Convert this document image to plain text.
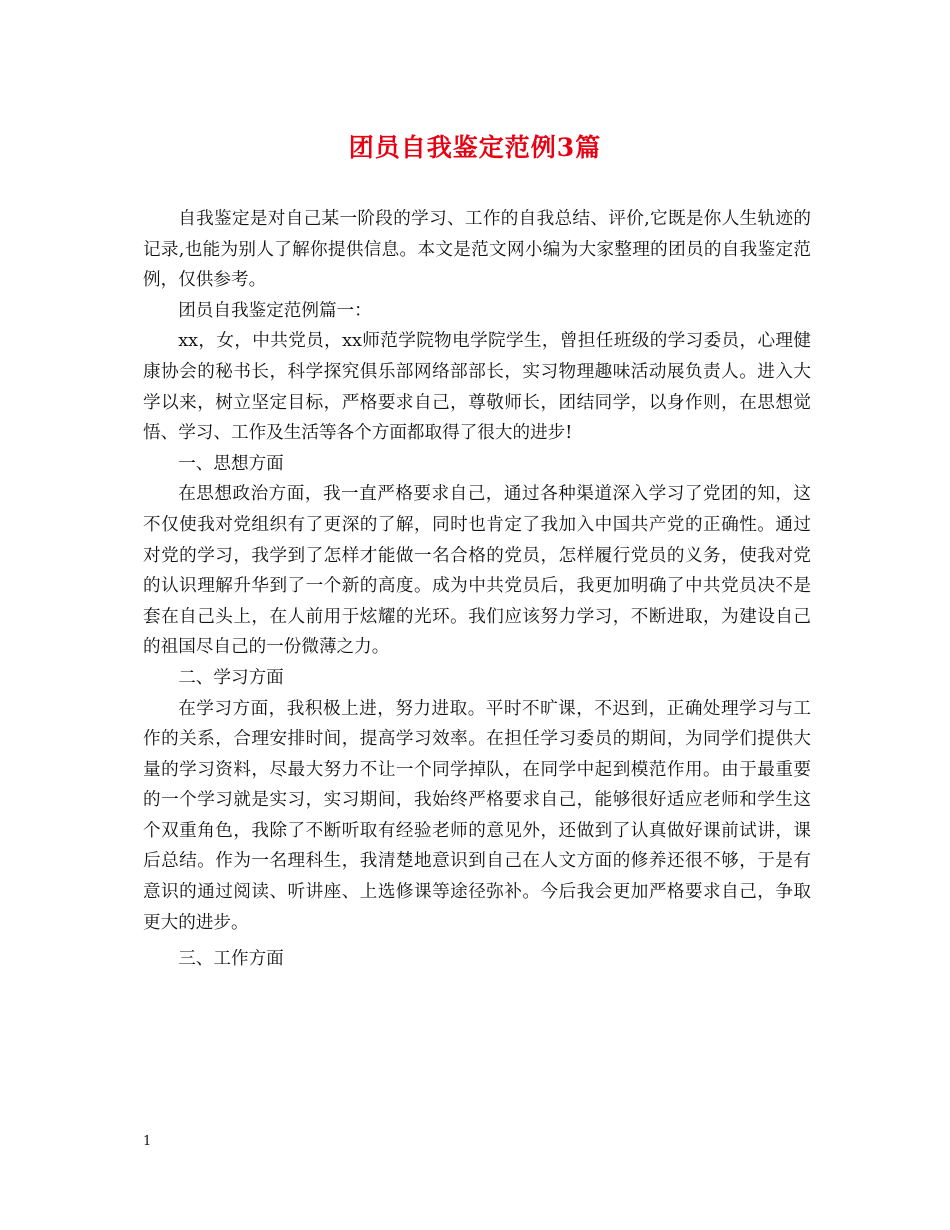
团员自我鉴定范例3篇

自我鉴定是对自己某一阶段的学习、工作的自我总结、评价,它既是你人生轨迹的记录,也能为别人了解你提供信息。本文是范文网小编为大家整理的团员的自我鉴定范例，仅供参考。

团员自我鉴定范例篇一：

xx，女，中共党员，xx师范学院物电学院学生，曾担任班级的学习委员，心理健康协会的秘书长，科学探究俱乐部网络部部长，实习物理趣味活动展负责人。进入大学以来，树立坚定目标，严格要求自己，尊敬师长，团结同学，以身作则，在思想觉悟、学习、工作及生活等各个方面都取得了很大的进步!

一、思想方面

在思想政治方面，我一直严格要求自己，通过各种渠道深入学习了党团的知，这不仅使我对党组织有了更深的了解，同时也肯定了我加入中国共产党的正确性。通过对党的学习，我学到了怎样才能做一名合格的党员，怎样履行党员的义务，使我对党的认识理解升华到了一个新的高度。成为中共党员后，我更加明确了中共党员决不是套在自己头上，在人前用于炫耀的光环。我们应该努力学习，不断进取，为建设自己的祖国尽自己的一份微薄之力。

二、学习方面

在学习方面，我积极上进，努力进取。平时不旷课，不迟到，正确处理学习与工作的关系，合理安排时间，提高学习效率。在担任学习委员的期间，为同学们提供大量的学习资料，尽最大努力不让一个同学掉队，在同学中起到模范作用。由于最重要的一个学习就是实习，实习期间，我始终严格要求自己，能够很好适应老师和学生这个双重角色，我除了不断听取有经验老师的意见外，还做到了认真做好课前试讲，课后总结。作为一名理科生，我清楚地意识到自己在人文方面的修养还很不够，于是有意识的通过阅读、听讲座、上选修课等途径弥补。今后我会更加严格要求自己，争取更大的进步。

三、工作方面

1
